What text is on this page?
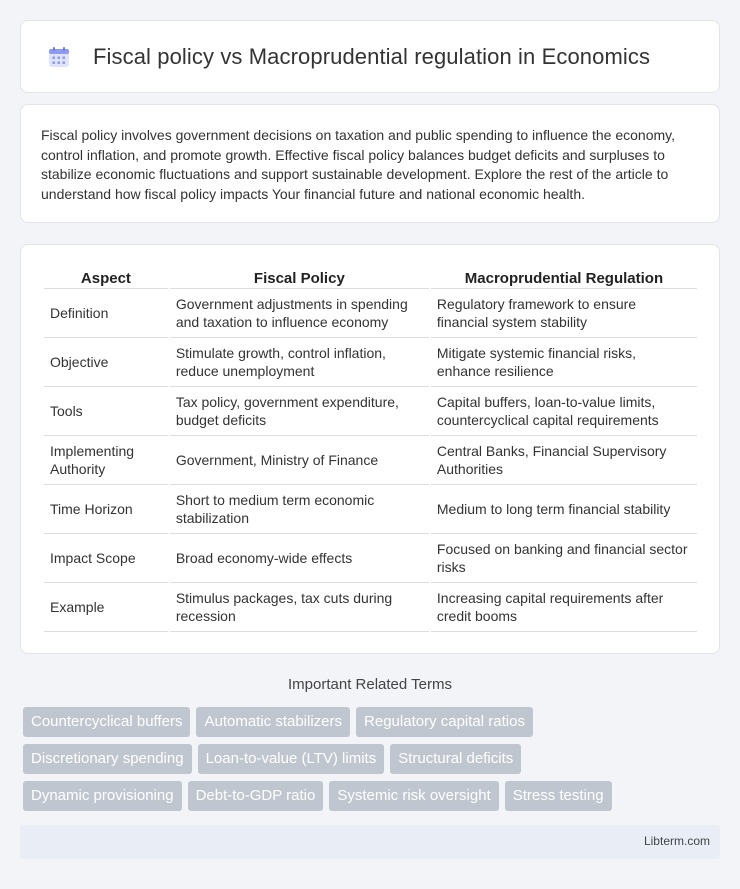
Fiscal policy vs Macroprudential regulation in Economics

Fiscal policy involves government decisions on taxation and public spending to influence the economy, control inflation, and promote growth. Effective fiscal policy balances budget deficits and surpluses to stabilize economic fluctuations and support sustainable development. Explore the rest of the article to understand how fiscal policy impacts Your financial future and national economic health.

Aspect	Fiscal Policy	Macroprudential Regulation
Definition	Government adjustments in spending and taxation to influence economy	Regulatory framework to ensure financial system stability
Objective	Stimulate growth, control inflation, reduce unemployment	Mitigate systemic financial risks, enhance resilience
Tools	Tax policy, government expenditure, budget deficits	Capital buffers, loan-to-value limits, countercyclical capital requirements
Implementing Authority	Government, Ministry of Finance	Central Banks, Financial Supervisory Authorities
Time Horizon	Short to medium term economic stabilization	Medium to long term financial stability
Impact Scope	Broad economy-wide effects	Focused on banking and financial sector risks
Example	Stimulus packages, tax cuts during recession	Increasing capital requirements after credit booms
Important Related Terms
Countercyclical buffers	Automatic stabilizers	Regulatory capital ratios
Discretionary spending	Loan-to-value (LTV) limits	Structural deficits
Dynamic provisioning	Debt-to-GDP ratio	Systemic risk oversight	Stress testing
Libterm.com
